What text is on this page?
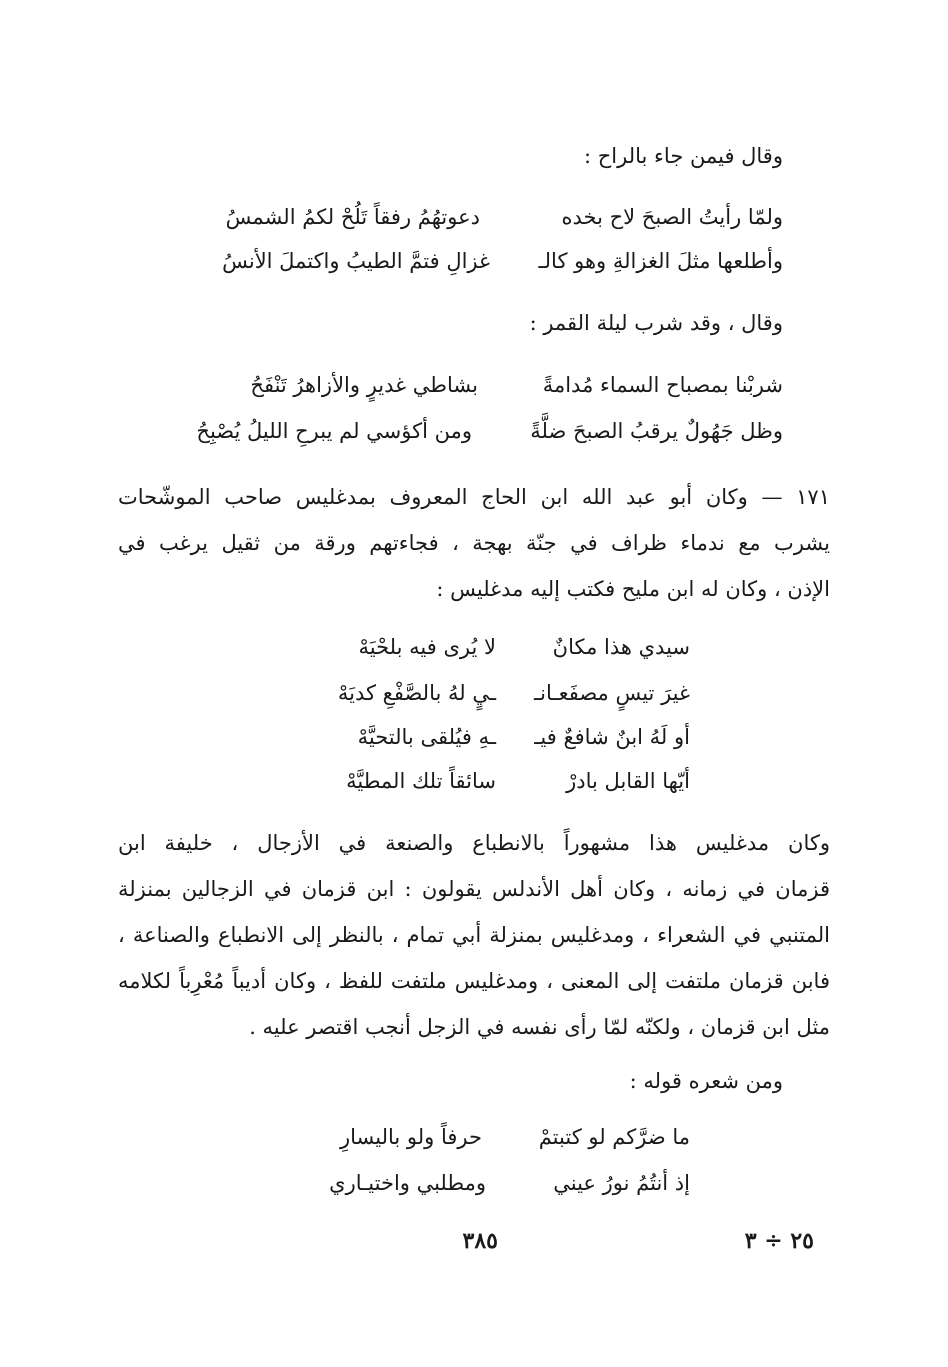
وقال فيمن جاء بالراح :
ولمّا رأيتُ الصبحَ لاح بخده
دعوتهُمُ رفقاً تَلُحْ لكمُ الشمسُ
وأطلعها مثلَ الغزالةِ وهو كالـ
غزالِ فتمَّ الطيبُ واكتملَ الأنسُ
وقال ، وقد شرب ليلة القمر :
شربْنا بمصباح السماء مُدامةً
بشاطي غديرٍ والأزاهرُ تَنْفَحُ
وظل جَهُولٌ يرقبُ الصبحَ ضلَّةً
ومن أكؤسي لم يبرحِ الليلُ يُصْبِحُ
١٧١ — وكان أبو عبد الله ابن الحاج المعروف بمدغليس صاحب الموشّحات
يشرب مع ندماء ظراف في جنّة بهجة ، فجاءتهم ورقة من ثقيل يرغب في
الإذن ، وكان له ابن مليح فكتب إليه مدغليس :
سيدي هذا مكانٌ
لا يُرى فيه بلحْيَهْ
غيرَ تيسٍ مصفَعـانـ
ـيٍ لهُ بالصَّفْعِ كديَهْ
أو لَهُ ابنٌ شافعٌ فيـ
ـهِ فيُلقى بالتحيَّهْ
أيّها القابل بادرْ
سائقاً تلك المطيَّهْ
وكان مدغليس هذا مشهوراً بالانطباع والصنعة في الأزجال ، خليفة ابن
قزمان في زمانه ، وكان أهل الأندلس يقولون : ابن قزمان في الزجالين بمنزلة
المتنبي في الشعراء ، ومدغليس بمنزلة أبي تمام ، بالنظر إلى الانطباع والصناعة ،
فابن قزمان ملتفت إلى المعنى ، ومدغليس ملتفت للفظ ، وكان أديباً مُعْرِباً لكلامه
مثل ابن قزمان ، ولكنّه لمّا رأى نفسه في الزجل أنجب اقتصر عليه .
ومن شعره قوله :
ما ضرَّكم لو كتبتمْ
حرفاً ولو باليسارِ
إذ أنتُمُ نورُ عيني
ومطلبي واختيـاري
٣٨٥	٢٥ ÷ ٣
